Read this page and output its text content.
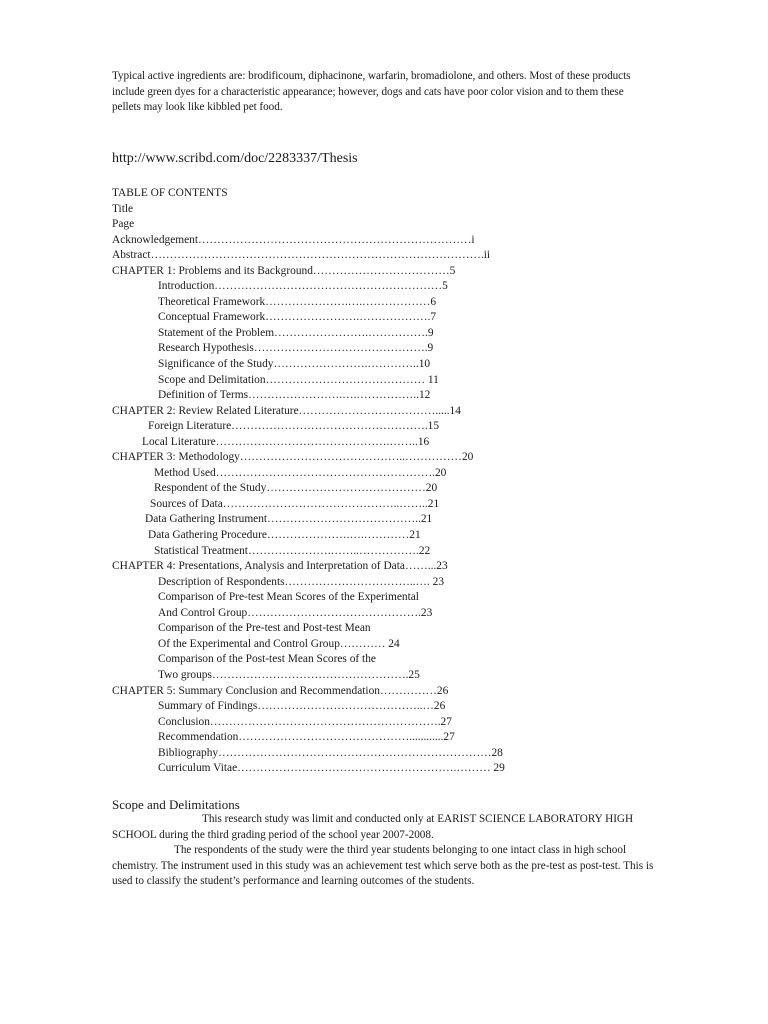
Typical active ingredients are: brodificoum, diphacinone, warfarin, bromadiolone, and others. Most of these products include green dyes for a characteristic appearance; however, dogs and cats have poor color vision and to them these pellets may look like kibbled pet food.
http://www.scribd.com/doc/2283337/Thesis
TABLE OF CONTENTS
Title
Page
Acknowledgement………………………………………………………………i
Abstract…………………………………………………………………………….ii
CHAPTER 1: Problems and its Background………………………………5
Introduction……………………………………………………5
Theoretical Framework………………….….………………6
Conceptual Framework…………………….……………….7
Statement of the Problem…………………….…………….9
Research Hypothesis……………………………………….9
Significance of the Study…………………….…………..10
Scope and Delimitation…………………………………… 11
Definition of Terms…………………….….……………..12
CHAPTER 2: Review Related Literature……………………………….....14
Foreign Literature…………………………………………….15
Local Literature……………………………………….……..16
CHAPTER 3: Methodology……………………………………..……………20
Method Used………………………………………………….20
Respondent of the Study……………………………………20
Sources of Data………………………………………..……..21
Data Gathering Instrument…………………………………..21
Data Gathering Procedure………………….….…………21
Statistical Treatment………………….……..…………….22
CHAPTER 4: Presentations, Analysis and Interpretation of Data……...23
Description of Respondents……………………………..…. 23
Comparison of Pre-test Mean Scores of the Experimental
And Control Group……………………………………….23
Comparison of the Pre-test and Post-test Mean
Of the Experimental and Control Group………… 24
Comparison of the Post-test Mean Scores of the
Two groups…………………………………………….25
CHAPTER 5: Summary Conclusion and Recommendation……………26
Summary of Findings……………………………………..…26
Conclusion…………………………………………………….27
Recommendation………………………………………............27
Bibliography………………………………………………………………28
Curriculum Vitae………………………………………………….……… 29
Scope and Delimitations

This research study was limit and conducted only at EARIST SCIENCE LABORATORY HIGH SCHOOL during the third grading period of the school year 2007-2008.

The respondents of the study were the third year students belonging to one intact class in high school chemistry. The instrument used in this study was an achievement test which serve both as the pre-test as post-test. This is used to classify the student’s performance and learning outcomes of the students.
